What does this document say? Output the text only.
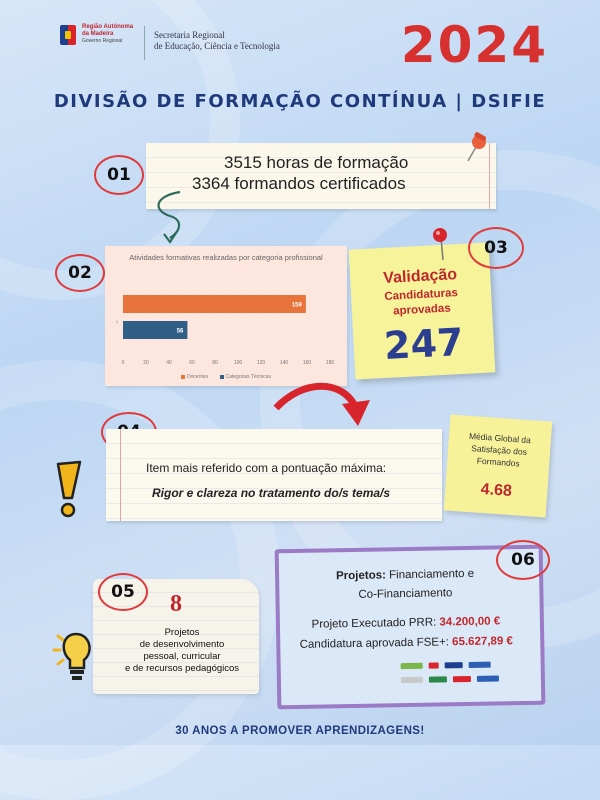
Região Autónoma
da Madeira
Governo Regional
Secretaria Regional
de Educação, Ciência e Tecnologia 2024
DIVISÃO DE FORMAÇÃO CONTÍNUA | DSIFIE
01
3515 horas de formação
3364 formandos certificados
02
Atividades formativas realizadas por categoria profissional
1
159
56
0	20	40	60	80	100	120	140	160	180
Docentes	Categorias Técnicas
Validação
Candidaturas
aprovadas
247
03
Item mais referido com a pontuação máxima:
Rigor e clareza no tratamento do/s tema/s
Média Global da
Satisfação dos
Formandos
4.68
8
Projetos
de desenvolvimento
pessoal, curricular
e de recursos pedagógicos
05
Projetos: Financiamento e
Co-Financiamento
Projeto Executado PRR: 34.200,00 €
Candidatura aprovada FSE+: 65.627,89 €
06
30 ANOS A PROMOVER APRENDIZAGENS!
